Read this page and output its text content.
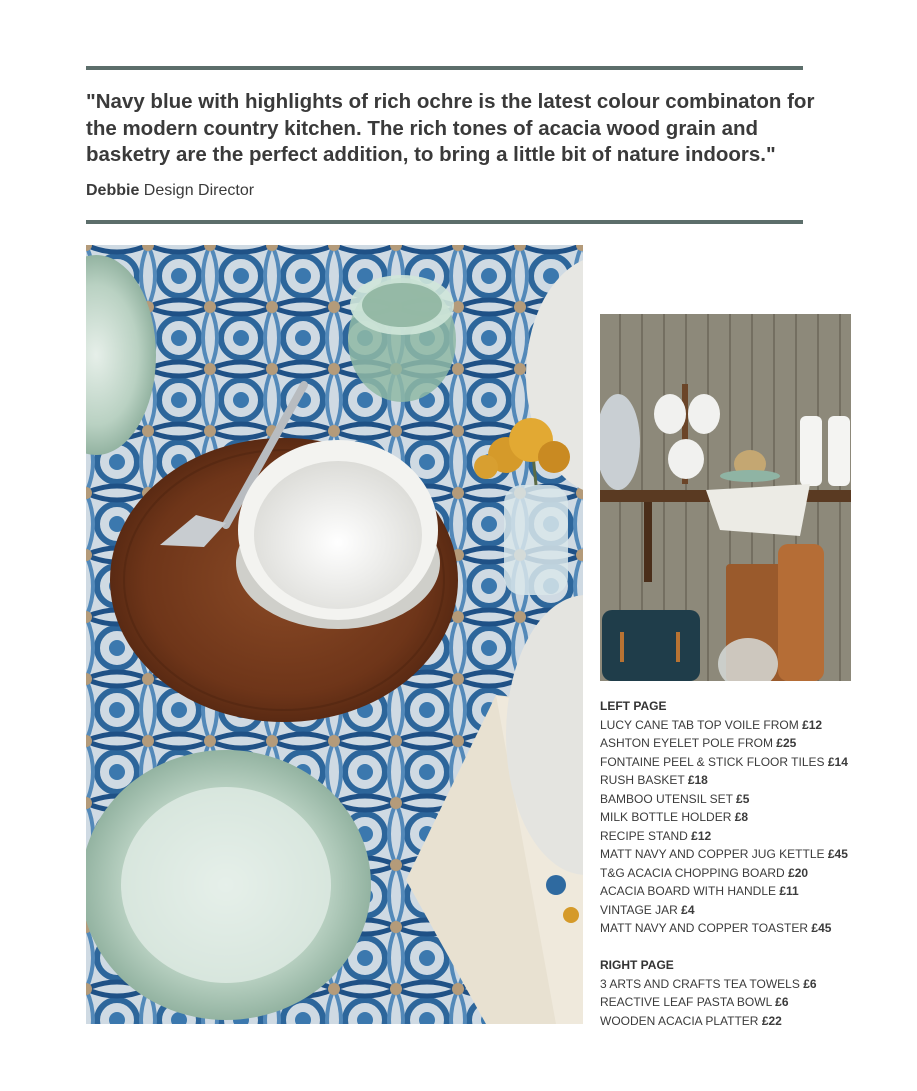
"Navy blue with highlights of rich ochre is the latest colour combinaton for the modern country kitchen. The rich tones of acacia wood grain and basketry are the perfect addition, to bring a little bit of nature indoors."

Debbie Design Director
LEFT PAGE
LUCY CANE TAB TOP VOILE FROM £12
ASHTON EYELET POLE FROM £25
FONTAINE PEEL & STICK FLOOR TILES £14
RUSH BASKET £18
BAMBOO UTENSIL SET £5
MILK BOTTLE HOLDER £8
RECIPE STAND £12
MATT NAVY AND COPPER JUG KETTLE £45
T&G ACACIA CHOPPING BOARD £20
ACACIA BOARD WITH HANDLE £11
VINTAGE JAR £4
MATT NAVY AND COPPER TOASTER £45
RIGHT PAGE
3 ARTS AND CRAFTS TEA TOWELS £6
REACTIVE LEAF PASTA BOWL £6
WOODEN ACACIA PLATTER £22
